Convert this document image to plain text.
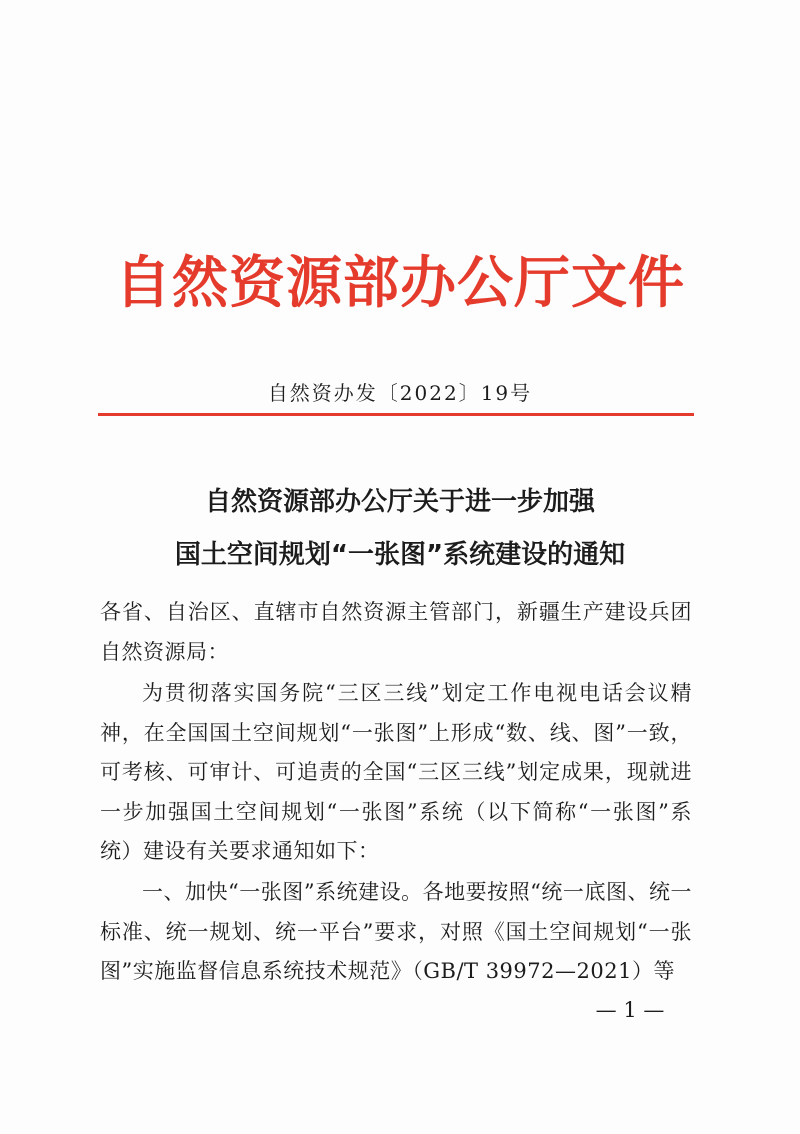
自然资源部办公厅文件
自然资办发〔2022〕19号
自然资源部办公厅关于进一步加强
国土空间规划“一张图”系统建设的通知
各省、自治区、直辖市自然资源主管部门，新疆生产建设兵团自然资源局：
为贯彻落实国务院“三区三线”划定工作电视电话会议精神，在全国国土空间规划“一张图”上形成“数、线、图”一致，可考核、可审计、可追责的全国“三区三线”划定成果，现就进一步加强国土空间规划“一张图”系统（以下简称“一张图”系统）建设有关要求通知如下：
一、加快“一张图”系统建设。各地要按照“统一底图、统一标准、统一规划、统一平台”要求，对照《国土空间规划“一张图”实施监督信息系统技术规范》（GB/T 39972—2021）等
— 1 —
